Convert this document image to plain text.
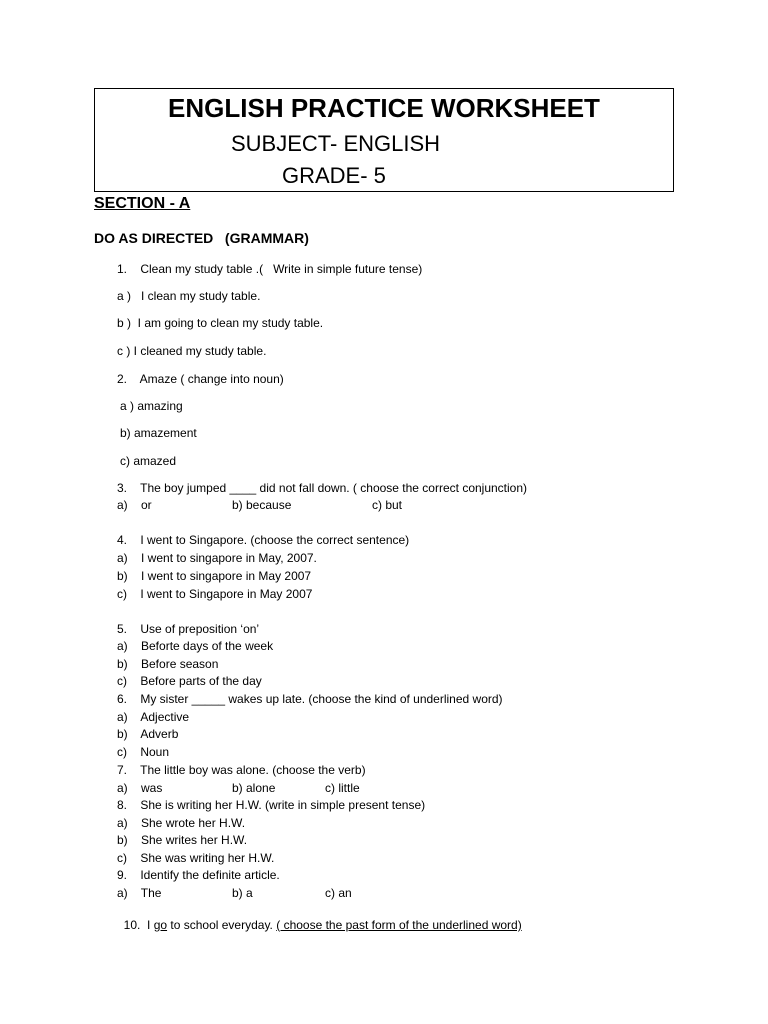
ENGLISH PRACTICE WORKSHEET
SUBJECT- ENGLISH
GRADE- 5
SECTION - A
DO AS DIRECTED   (GRAMMAR)
1.    Clean my study table .(   Write in simple future tense)
a )   I clean my study table.
b )  I am going to clean my study table.
c ) I cleaned my study table.
2.    Amaze ( change into noun)
a ) amazing
b) amazement
c) amazed
3.    The boy jumped ____ did not fall down. ( choose the correct conjunction)
a)    or	b) because	c) but
4.    I went to Singapore. (choose the correct sentence)
a)    I went to singapore in May, 2007.
b)    I went to singapore in May 2007
c)    I went to Singapore in May 2007
5.    Use of preposition ‘on’
a)    Beforte days of the week
b)    Before season
c)    Before parts of the day
6.    My sister _____ wakes up late. (choose the kind of underlined word)
a)    Adjective
b)    Adverb
c)    Noun
7.    The little boy was alone. (choose the verb)
a)    was	b) alone	c) little
8.    She is writing her H.W. (write in simple present tense)
a)    She wrote her H.W.
b)    She writes her H.W.
c)    She was writing her H.W.
9.    Identify the definite article.
a)    The	b) a	c) an

10.  I go to school everyday. ( choose the past form of the underlined word)
